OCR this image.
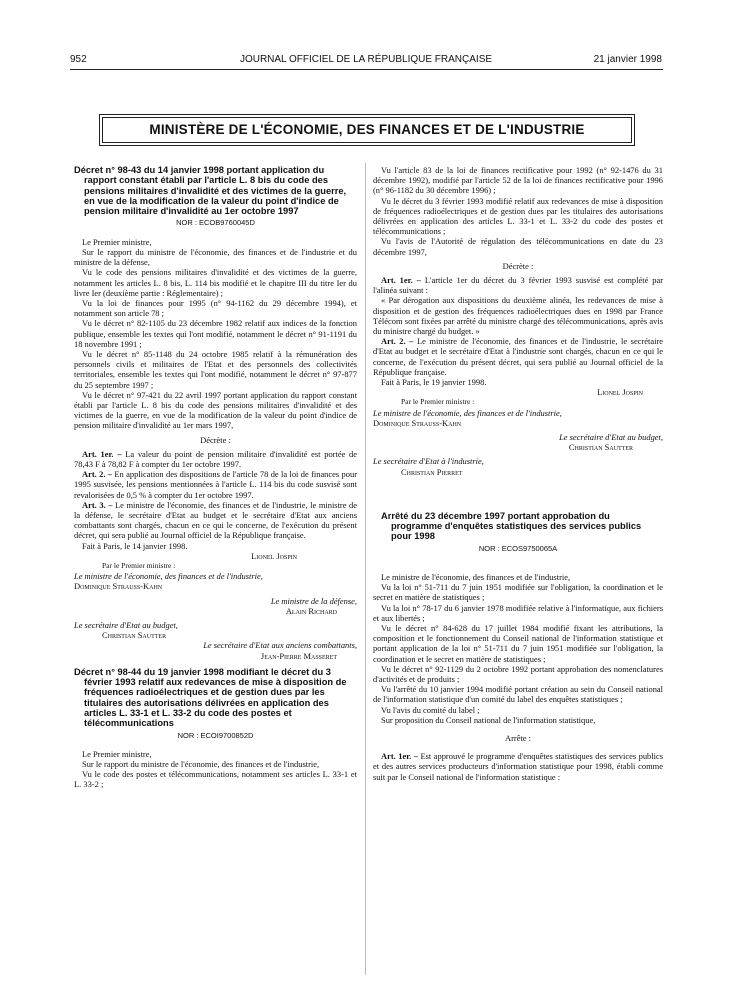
952	JOURNAL OFFICIEL DE LA RÉPUBLIQUE FRANÇAISE	21 janvier 1998
MINISTÈRE DE L'ÉCONOMIE, DES FINANCES ET DE L'INDUSTRIE
Décret n° 98-43 du 14 janvier 1998 portant application du rapport constant établi par l'article L. 8 bis du code des pensions militaires d'invalidité et des victimes de la guerre, en vue de la modification de la valeur du point d'indice de pension militaire d'invalidité au 1er octobre 1997
NOR : ECOB9760045D

Le Premier ministre,

Sur le rapport du ministre de l'économie, des finances et de l'industrie et du ministre de la défense,

Vu le code des pensions militaires d'invalidité et des victimes de la guerre, notamment les articles L. 8 bis, L. 114 bis modifié et le chapitre III du titre Ier du livre Ier (deuxième partie : Réglementaire) ;

Vu la loi de finances pour 1995 (n° 94-1162 du 29 décembre 1994), et notamment son article 78 ;

Vu le décret n° 82-1105 du 23 décembre 1982 relatif aux indices de la fonction publique, ensemble les textes qui l'ont modifié, notamment le décret n° 91-1191 du 18 novembre 1991 ;

Vu le décret n° 85-1148 du 24 octobre 1985 relatif à la rémunération des personnels civils et militaires de l'Etat et des personnels des collectivités territoriales, ensemble les textes qui l'ont modifié, notamment le décret n° 97-877 du 25 septembre 1997 ;

Vu le décret n° 97-421 du 22 avril 1997 portant application du rapport constant établi par l'article L. 8 bis du code des pensions militaires d'invalidité et des victimes de la guerre, en vue de la modification de la valeur du point d'indice de pension militaire d'invalidité au 1er mars 1997,

Décrète :

Art. 1er. – La valeur du point de pension militaire d'invalidité est portée de 78,43 F à 78,82 F à compter du 1er octobre 1997.

Art. 2. – En application des dispositions de l'article 78 de la loi de finances pour 1995 susvisée, les pensions mentionnées à l'article L. 114 bis du code susvisé sont revalorisées de 0,5 % à compter du 1er octobre 1997.

Art. 3. – Le ministre de l'économie, des finances et de l'industrie, le ministre de la défense, le secrétaire d'Etat au budget et le secrétaire d'Etat aux anciens combattants sont chargés, chacun en ce qui le concerne, de l'exécution du présent décret, qui sera publié au Journal officiel de la République française.

Fait à Paris, le 14 janvier 1998.

Lionel Jospin

Par le Premier ministre :

Le ministre de l'économie, des finances et de l'industrie,

Dominique Strauss-Kahn

Le ministre de la défense,

Alain Richard

Le secrétaire d'Etat au budget,

Christian Sautter

Le secrétaire d'Etat aux anciens combattants,

Jean-Pierre Masseret

Décret n° 98-44 du 19 janvier 1998 modifiant le décret du 3 février 1993 relatif aux redevances de mise à disposition de fréquences radioélectriques et de gestion dues par les titulaires des autorisations délivrées en application des articles L. 33-1 et L. 33-2 du code des postes et télécommunications
NOR : ECOI9700852D

Le Premier ministre,

Sur le rapport du ministre de l'économie, des finances et de l'industrie,

Vu le code des postes et télécommunications, notamment ses articles L. 33-1 et L. 33-2 ;

Vu l'article 83 de la loi de finances rectificative pour 1992 (n° 92-1476 du 31 décembre 1992), modifié par l'article 52 de la loi de finances rectificative pour 1996 (n° 96-1182 du 30 décembre 1996) ;

Vu le décret du 3 février 1993 modifié relatif aux redevances de mise à disposition de fréquences radioélectriques et de gestion dues par les titulaires des autorisations délivrées en application des articles L. 33-1 et L. 33-2 du code des postes et télécommunications ;

Vu l'avis de l'Autorité de régulation des télécommunications en date du 23 décembre 1997,

Décrète :

Art. 1er. – L'article 1er du décret du 3 février 1993 susvisé est complété par l'alinéa suivant :

« Par dérogation aux dispositions du deuxième alinéa, les redevances de mise à disposition et de gestion des fréquences radioélectriques dues en 1998 par France Télécom sont fixées par arrêté du ministre chargé des télécommunications, après avis du ministre chargé du budget. »

Art. 2. – Le ministre de l'économie, des finances et de l'industrie, le secrétaire d'Etat au budget et le secrétaire d'Etat à l'industrie sont chargés, chacun en ce qui le concerne, de l'exécution du présent décret, qui sera publié au Journal officiel de la République française.

Fait à Paris, le 19 janvier 1998.

Lionel Jospin

Par le Premier ministre :

Le ministre de l'économie, des finances et de l'industrie,

Dominique Strauss-Kahn

Le secrétaire d'Etat au budget,

Christian Sautter

Le secrétaire d'Etat à l'industrie,

Christian Pierret

Arrêté du 23 décembre 1997 portant approbation du programme d'enquêtes statistiques des services publics pour 1998
NOR : ECOS9750065A

Le ministre de l'économie, des finances et de l'industrie,

Vu la loi n° 51-711 du 7 juin 1951 modifiée sur l'obligation, la coordination et le secret en matière de statistiques ;

Vu la loi n° 78-17 du 6 janvier 1978 modifiée relative à l'informatique, aux fichiers et aux libertés ;

Vu le décret n° 84-628 du 17 juillet 1984 modifié fixant les attributions, la composition et le fonctionnement du Conseil national de l'information statistique et portant application de la loi n° 51-711 du 7 juin 1951 modifiée sur l'obligation, la coordination et le secret en matière de statistiques ;

Vu le décret n° 92-1129 du 2 octobre 1992 portant approbation des nomenclatures d'activités et de produits ;

Vu l'arrêté du 10 janvier 1994 modifié portant création au sein du Conseil national de l'information statistique d'un comité du label des enquêtes statistiques ;

Vu l'avis du comité du label ;

Sur proposition du Conseil national de l'information statistique,

Arrête :

Art. 1er. – Est approuvé le programme d'enquêtes statistiques des services publics et des autres services producteurs d'information statistique pour 1998, établi comme suit par le Conseil national de l'information statistique :
